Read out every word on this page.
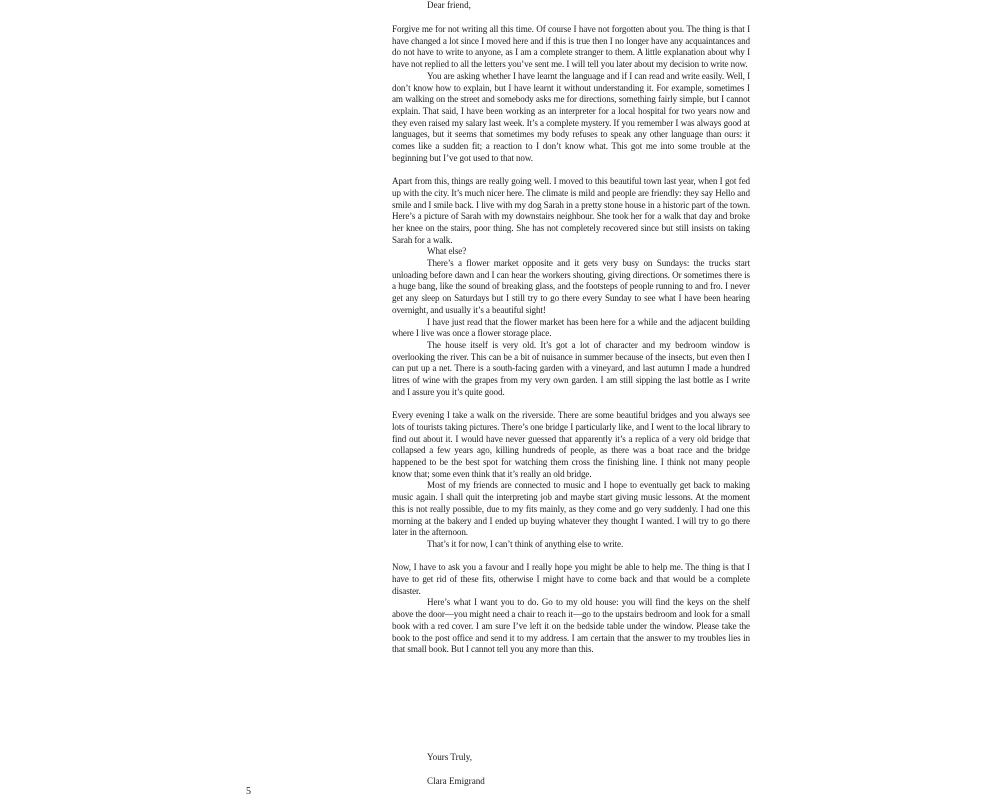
Dear friend,

Forgive me for not writing all this time. Of course I have not forgotten about you. The thing is that I have changed a lot since I moved here and if this is true then I no longer have any acquaintances and do not have to write to anyone, as I am a complete stranger to them. A little explanation about why I have not replied to all the letters you’ve sent me. I will tell you later about my decision to write now.

You are asking whether I have learnt the language and if I can read and write easily. Well, I don’t know how to explain, but I have learnt it without understanding it. For example, sometimes I am walking on the street and somebody asks me for directions, something fairly simple, but I cannot explain. That said, I have been working as an interpreter for a local hospital for two years now and they even raised my salary last week. It’s a complete mystery. If you remember I was always good at languages, but it seems that sometimes my body refuses to speak any other language than ours: it comes like a sudden fit; a reaction to I don’t know what. This got me into some trouble at the beginning but I’ve got used to that now.

Apart from this, things are really going well. I moved to this beautiful town last year, when I got fed up with the city. It’s much nicer here. The climate is mild and people are friendly: they say Hello and smile and I smile back. I live with my dog Sarah in a pretty stone house in a historic part of the town. Here’s a picture of Sarah with my downstairs neighbour. She took her for a walk that day and broke her knee on the stairs, poor thing. She has not completely recovered since but still insists on taking Sarah for a walk.

What else?

There’s a flower market opposite and it gets very busy on Sundays: the trucks start unloading before dawn and I can hear the workers shouting, giving directions. Or sometimes there is a huge bang, like the sound of breaking glass, and the footsteps of people running to and fro. I never get any sleep on Saturdays but I still try to go there every Sunday to see what I have been hearing overnight, and usually it’s a beautiful sight!

I have just read that the flower market has been here for a while and the adjacent building where I live was once a flower storage place.

The house itself is very old. It’s got a lot of character and my bedroom window is overlooking the river. This can be a bit of nuisance in summer because of the insects, but even then I can put up a net. There is a south-facing garden with a vineyard, and last autumn I made a hundred litres of wine with the grapes from my very own garden. I am still sipping the last bottle as I write and I assure you it’s quite good.

Every evening I take a walk on the riverside. There are some beautiful bridges and you always see lots of tourists taking pictures. There’s one bridge I particularly like, and I went to the local library to find out about it. I would have never guessed that apparently it’s a replica of a very old bridge that collapsed a few years ago, killing hundreds of people, as there was a boat race and the bridge happened to be the best spot for watching them cross the finishing line. I think not many people know that; some even think that it’s really an old bridge.

Most of my friends are connected to music and I hope to eventually get back to making music again. I shall quit the interpreting job and maybe start giving music lessons. At the moment this is not really possible, due to my fits mainly, as they come and go very suddenly. I had one this morning at the bakery and I ended up buying whatever they thought I wanted. I will try to go there later in the afternoon.

That’s it for now, I can’t think of anything else to write.

Now, I have to ask you a favour and I really hope you might be able to help me. The thing is that I have to get rid of these fits, otherwise I might have to come back and that would be a complete disaster.

Here’s what I want you to do. Go to my old house: you will find the keys on the shelf above the door—you might need a chair to reach it—go to the upstairs bedroom and look for a small book with a red cover. I am sure I’ve left it on the bedside table under the window. Please take the book to the post office and send it to my address. I am certain that the answer to my troubles lies in that small book. But I cannot tell you any more than this.

Yours Truly,
Clara Emigrand
5
